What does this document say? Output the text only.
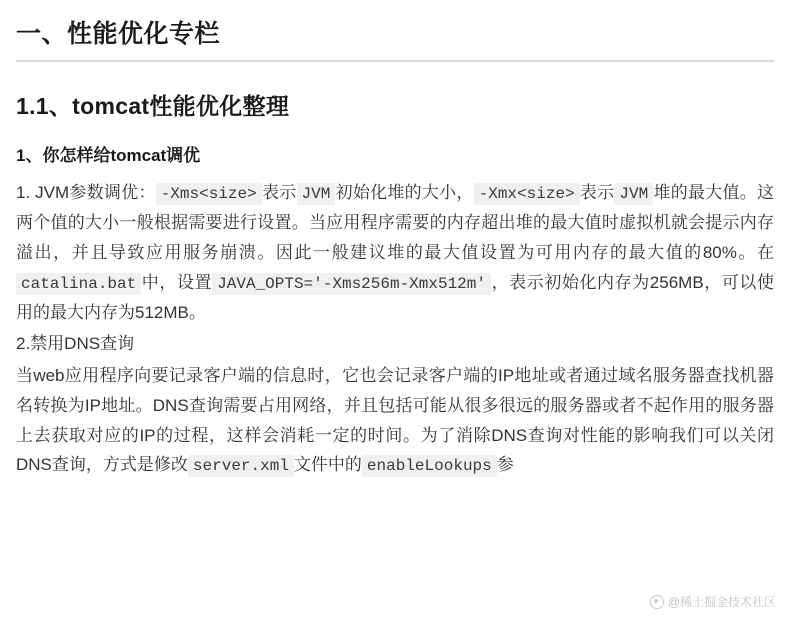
一、性能优化专栏
1.1、tomcat性能优化整理
1、你怎样给tomcat调优

1. JVM参数调优： -Xms<size> 表示 JVM 初始化堆的大小， -Xmx<size> 表示 JVM 堆的最大值。这两个值的大小一般根据需要进行设置。当应用程序需要的内存超出堆的最大值时虚拟机就会提示内存溢出，并且导致应用服务崩溃。因此一般建议堆的最大值设置为可用内存的最大值的80%。在catalina.bat 中，设置 JAVA_OPTS='-Xms256m-Xmx512m' ，表示初始化内存为256MB，可以使用的最大内存为512MB。

2.禁用DNS查询

当web应用程序向要记录客户端的信息时，它也会记录客户端的IP地址或者通过域名服务器查找机器名转换为IP地址。DNS查询需要占用网络，并且包括可能从很多很远的服务器或者不起作用的服务器上去获取对应的IP的过程，这样会消耗一定的时间。为了消除DNS查询对性能的影响我们可以关闭DNS查询，方式是修改 server.xml 文件中的 enableLookups 参

@稀土掘金技术社区
